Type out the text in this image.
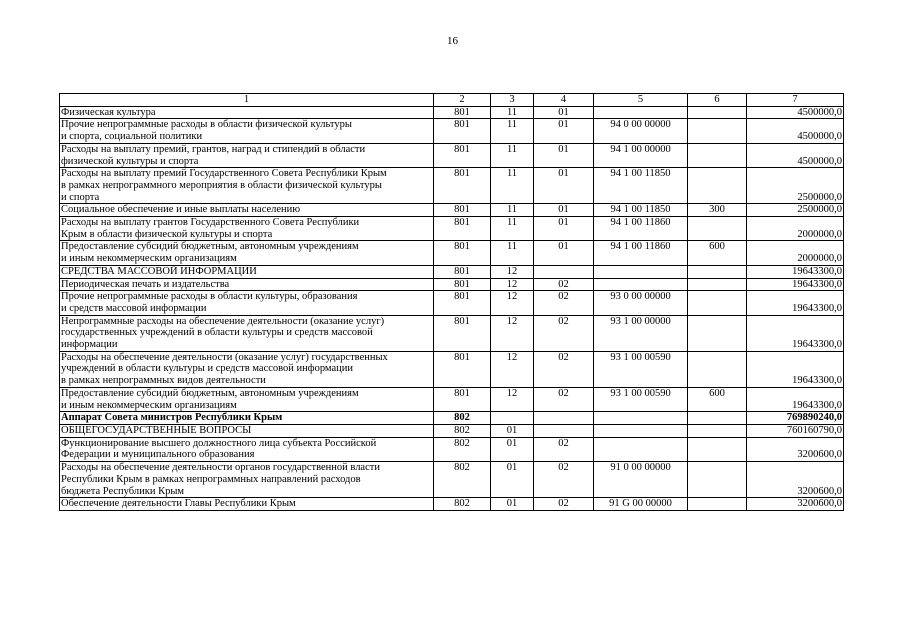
16
1	2	3	4	5	6	7
Физическая культура	801	11	01			4500000,0
Прочие непрограммные расходы в области физической культуры
и спорта, социальной политики	801	11	01	94 0 00 00000		4500000,0
Расходы на выплату премий, грантов, наград и стипендий в области
физической культуры и спорта	801	11	01	94 1 00 00000		4500000,0
Расходы на выплату премий Государственного Совета Республики Крым
в рамках непрограммного мероприятия в области физической культуры
и спорта	801	11	01	94 1 00 11850		2500000,0
Социальное обеспечение и иные выплаты населению	801	11	01	94 1 00 11850	300	2500000,0
Расходы на выплату грантов Государственного Совета Республики
Крым в области физической культуры и спорта	801	11	01	94 1 00 11860		2000000,0
Предоставление субсидий бюджетным, автономным учреждениям
и иным некоммерческим организациям	801	11	01	94 1 00 11860	600	2000000,0
СРЕДСТВА МАССОВОЙ ИНФОРМАЦИИ	801	12				19643300,0
Периодическая печать и издательства	801	12	02			19643300,0
Прочие непрограммные расходы в области культуры, образования
и средств массовой информации	801	12	02	93 0 00 00000		19643300,0
Непрограммные расходы на обеспечение деятельности (оказание услуг)
государственных учреждений в области культуры и средств массовой
информации	801	12	02	93 1 00 00000		19643300,0
Расходы на обеспечение деятельности (оказание услуг) государственных
учреждений в области культуры и средств массовой информации
в рамках непрограммных видов деятельности	801	12	02	93 1 00 00590		19643300,0
Предоставление субсидий бюджетным, автономным учреждениям
и иным некоммерческим организациям	801	12	02	93 1 00 00590	600	19643300,0
Аппарат Совета министров Республики Крым	802					769890240,0
ОБЩЕГОСУДАРСТВЕННЫЕ ВОПРОСЫ	802	01				760160790,0
Функционирование высшего должностного лица субъекта Российской
Федерации и муниципального образования	802	01	02			3200600,0
Расходы на обеспечение деятельности органов государственной власти
Республики Крым в рамках непрограммных направлений расходов
бюджета Республики Крым	802	01	02	91 0 00 00000		3200600,0
Обеспечение деятельности Главы Республики Крым	802	01	02	91 G 00 00000		3200600,0
